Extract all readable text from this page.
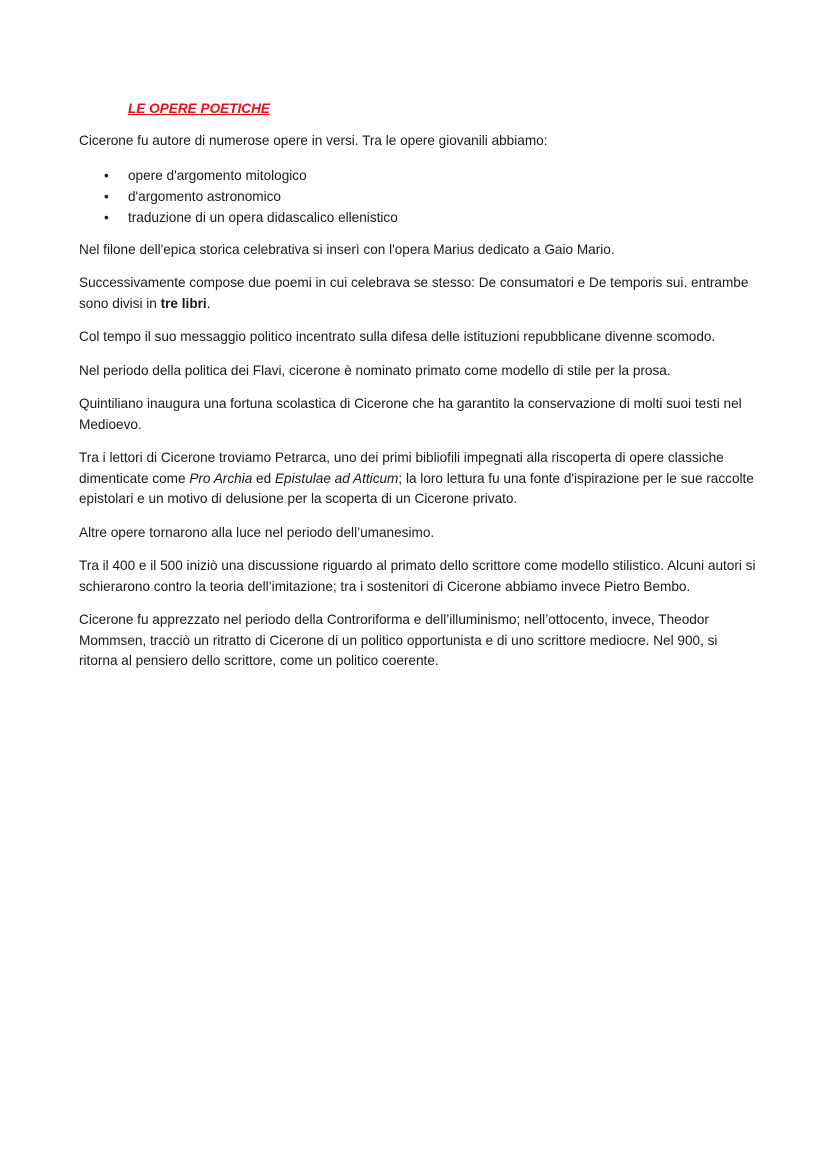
LE OPERE POETICHE

Cicerone fu autore di numerose opere in versi. Tra le opere giovanili abbiamo:

• opere d'argomento mitologico
• d'argomento astronomico
• traduzione di un opera didascalico ellenistico

Nel filone dell'epica storica celebrativa si inserì con l'opera Marius dedicato a Gaio Mario.

Successivamente compose due poemi in cui celebrava se stesso: De consumatori e De temporis sui. entrambe sono divisi in tre libri.

Col tempo il suo messaggio politico incentrato sulla difesa delle istituzioni repubblicane divenne scomodo.

Nel periodo della politica dei Flavi, cicerone è nominato primato come modello di stile per la prosa.

Quintiliano inaugura una fortuna scolastica di Cicerone che ha garantito la conservazione di molti suoi testi nel Medioevo.

Tra i lettori di Cicerone troviamo Petrarca, uno dei primi bibliofili impegnati alla riscoperta di opere classiche dimenticate come Pro Archia ed Epistulae ad Atticum; la loro lettura fu una fonte d'ispirazione per le sue raccolte epistolari e un motivo di delusione per la scoperta di un Cicerone privato.

Altre opere tornarono alla luce nel periodo dell’umanesimo.

Tra il 400 e il 500 iniziò una discussione riguardo al primato dello scrittore come modello stilistico. Alcuni autori si schierarono contro la teoria dell’imitazione; tra i sostenitori di Cicerone abbiamo invece Pietro Bembo.

Cicerone fu apprezzato nel periodo della Controriforma e dell’illuminismo; nell’ottocento, invece, Theodor Mommsen, tracciò un ritratto di Cicerone di un politico opportunista e di uno scrittore mediocre. Nel 900, si ritorna al pensiero dello scrittore, come un politico coerente.
